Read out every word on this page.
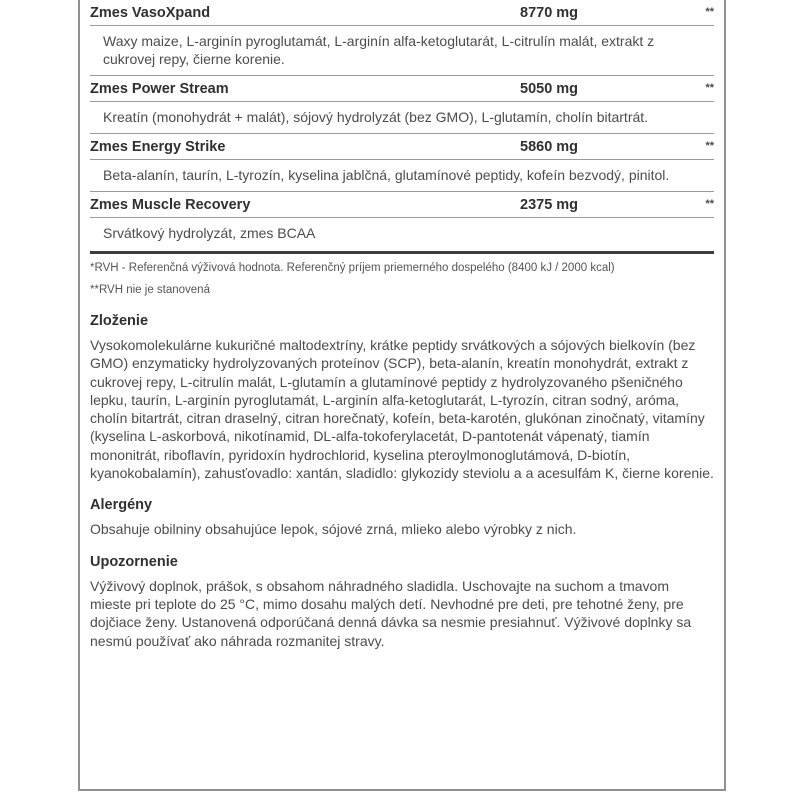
Zmes VasoXpand	8770 mg	**
Waxy maize, L-arginín pyroglutamát, L-arginín alfa-ketoglutarát, L-citrulín malát, extrakt z cukrovej repy, čierne korenie.
Zmes Power Stream	5050 mg	**
Kreatín (monohydrát + malát), sójový hydrolyzát (bez GMO), L-glutamín, cholín bitartrát.
Zmes Energy Strike	5860 mg	**
Beta-alanín, taurín, L-tyrozín, kyselina jablčná, glutamínové peptidy, kofeín bezvodý, pinitol.
Zmes Muscle Recovery	2375 mg	**
Srvátkový hydrolyzát, zmes BCAA

*RVH - Referenčná výživová hodnota. Referenčný príjem priemerného dospelého (8400 kJ / 2000 kcal)

**RVH nie je stanovená

Zloženie

Vysokomolekulárne kukuričné maltodextríny, krátke peptidy srvátkových a sójových bielkovín (bez GMO) enzymaticky hydrolyzovaných proteínov (SCP), beta-alanín, kreatín monohydrát, extrakt z cukrovej repy, L-citrulín malát, L-glutamín a glutamínové peptidy z hydrolyzovaného pšeničného lepku, taurín, L-arginín pyroglutamát, L-arginín alfa-ketoglutarát, L-tyrozín, citran sodný, aróma, cholín bitartrát, citran draselný, citran horečnatý, kofeín, beta-karotén, glukónan zinočnatý, vitamíny (kyselina L-askorbová, nikotínamid, DL-alfa-tokoferylacetát, D-pantotenát vápenatý, tiamín mononitrát, riboflavín, pyridoxín hydrochlorid, kyselina pteroylmonoglutámová, D-biotín, kyanokobalamín), zahusťovadlo: xantán, sladidlo: glykozidy steviolu a a acesulfám K, čierne korenie.

Alergény

Obsahuje obilniny obsahujúce lepok, sójové zrná, mlieko alebo výrobky z nich.

Upozornenie

Výživový doplnok, prášok, s obsahom náhradného sladidla. Uschovajte na suchom a tmavom mieste pri teplote do 25 °C, mimo dosahu malých detí. Nevhodné pre deti, pre tehotné ženy, pre dojčiace ženy. Ustanovená odporúčaná denná dávka sa nesmie presiahnuť. Výživové doplnky sa nesmú používať ako náhrada rozmanitej stravy.
